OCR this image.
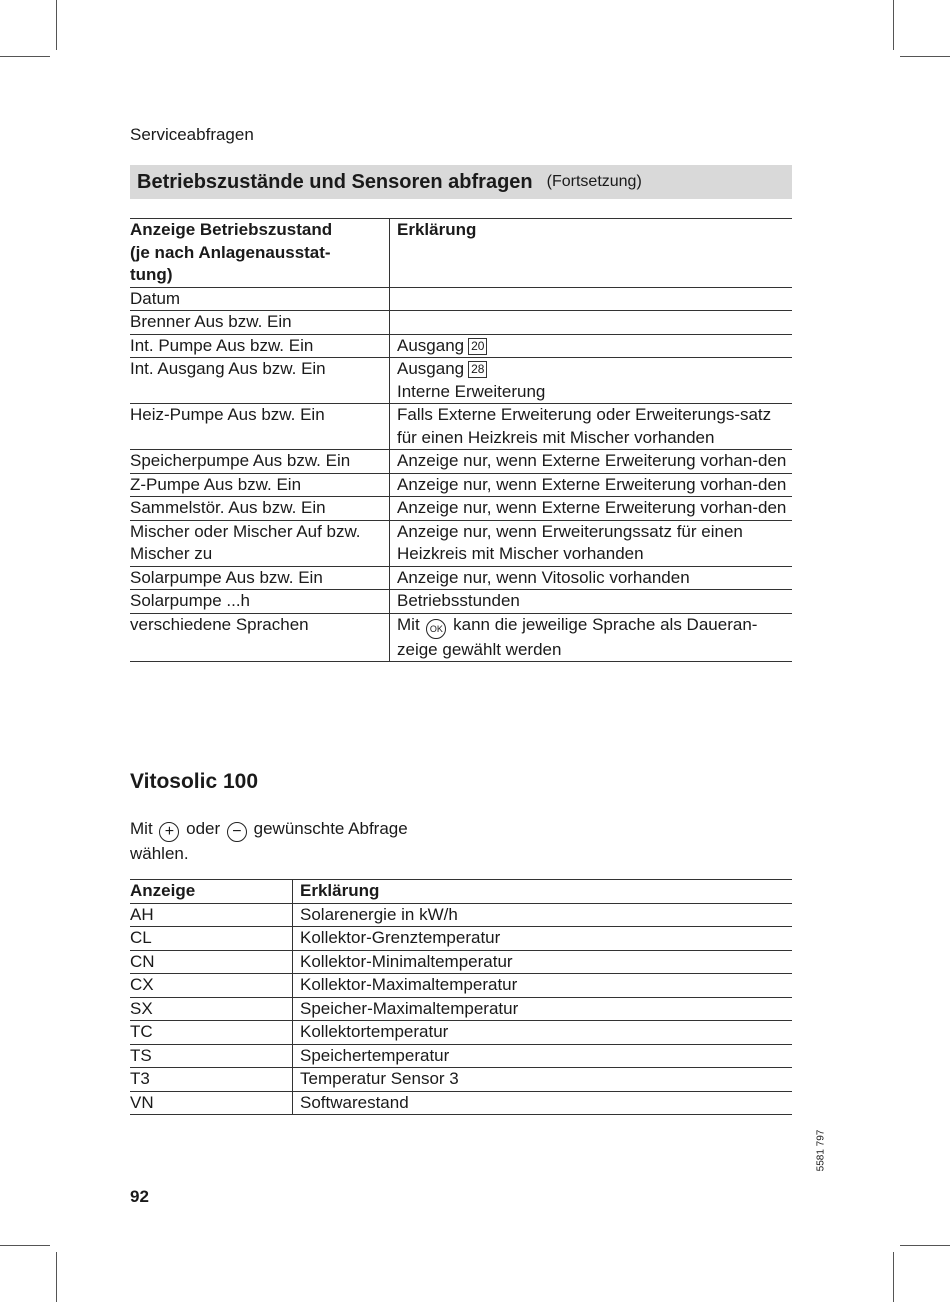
Serviceabfragen
Betriebszustände und Sensoren abfragen (Fortsetzung)
Anzeige Betriebszustand
(je nach Anlagenausstat-
tung)	Erklärung
Datum	
Brenner Aus bzw. Ein	
Int. Pumpe Aus bzw. Ein	Ausgang 20
Int. Ausgang Aus bzw. Ein	Ausgang 28
Interne Erweiterung
Heiz-Pumpe Aus bzw. Ein	Falls Externe Erweiterung oder Erweiterungs-satz für einen Heizkreis mit Mischer vorhanden
Speicherpumpe Aus bzw. Ein	Anzeige nur, wenn Externe Erweiterung vorhan-den
Z-Pumpe Aus bzw. Ein	Anzeige nur, wenn Externe Erweiterung vorhan-den
Sammelstör. Aus bzw. Ein	Anzeige nur, wenn Externe Erweiterung vorhan-den
Mischer oder Mischer Auf bzw. Mischer zu	Anzeige nur, wenn Erweiterungssatz für einen Heizkreis mit Mischer vorhanden
Solarpumpe Aus bzw. Ein	Anzeige nur, wenn Vitosolic vorhanden
Solarpumpe ...h	Betriebsstunden
verschiedene Sprachen	Mit OK kann die jeweilige Sprache als Daueran-zeige gewählt werden
Vitosolic 100
Mit + oder − gewünschte Abfrage
wählen.
Anzeige	Erklärung
AH	Solarenergie in kW/h
CL	Kollektor-Grenztemperatur
CN	Kollektor-Minimaltemperatur
CX	Kollektor-Maximaltemperatur
SX	Speicher-Maximaltemperatur
TC	Kollektortemperatur
TS	Speichertemperatur
T3	Temperatur Sensor 3
VN	Softwarestand
5581 797
92
